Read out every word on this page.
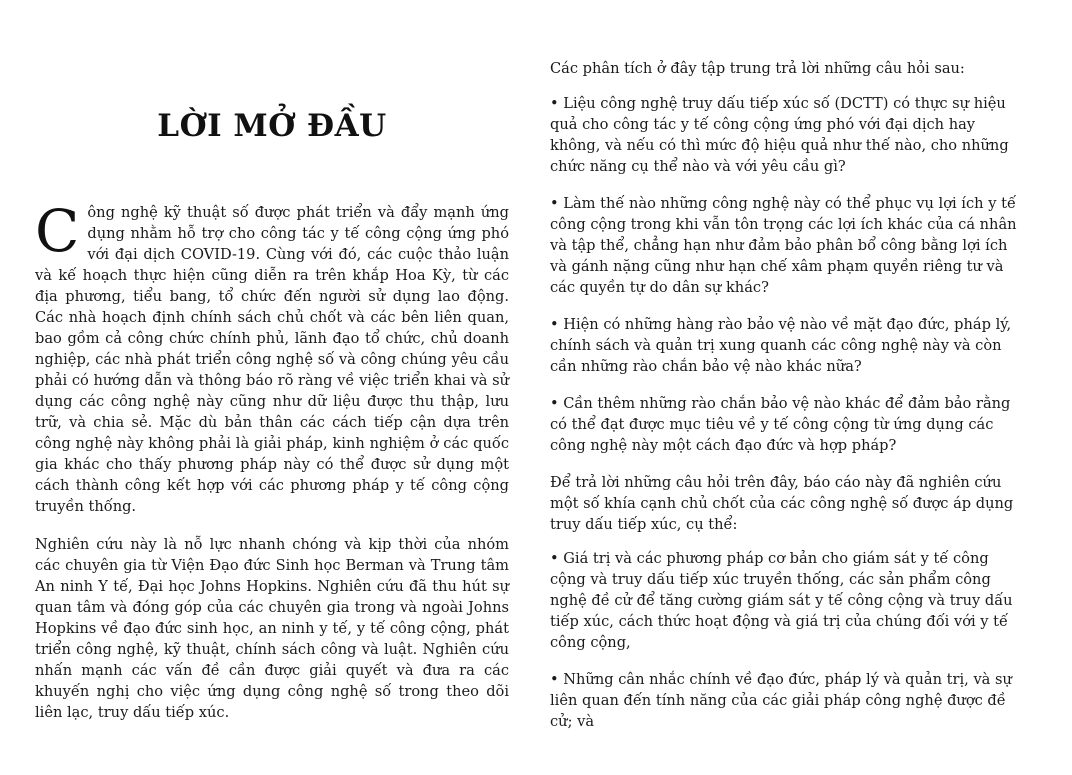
LỜI MỞ ĐẦU

Công nghệ kỹ thuật số được phát triển và đẩy mạnh ứng dụng nhằm hỗ trợ cho công tác y tế công cộng ứng phó với đại dịch COVID-19. Cùng với đó, các cuộc thảo luận và kế hoạch thực hiện cũng diễn ra trên khắp Hoa Kỳ, từ các địa phương, tiểu bang, tổ chức đến người sử dụng lao động. Các nhà hoạch định chính sách chủ chốt và các bên liên quan, bao gồm cả công chức chính phủ, lãnh đạo tổ chức, chủ doanh nghiệp, các nhà phát triển công nghệ số và công chúng yêu cầu phải có hướng dẫn và thông báo rõ ràng về việc triển khai và sử dụng các công nghệ này cũng như dữ liệu được thu thập, lưu trữ, và chia sẻ. Mặc dù bản thân các cách tiếp cận dựa trên công nghệ này không phải là giải pháp, kinh nghiệm ở các quốc gia khác cho thấy phương pháp này có thể được sử dụng một cách thành công kết hợp với các phương pháp y tế công cộng truyền thống.

Nghiên cứu này là nỗ lực nhanh chóng và kịp thời của nhóm các chuyên gia từ Viện Đạo đức Sinh học Berman và Trung tâm An ninh Y tế, Đại học Johns Hopkins. Nghiên cứu đã thu hút sự quan tâm và đóng góp của các chuyên gia trong và ngoài Johns Hopkins về đạo đức sinh học, an ninh y tế, y tế công cộng, phát triển công nghệ, kỹ thuật, chính sách công và luật. Nghiên cứu nhấn mạnh các vấn đề cần được giải quyết và đưa ra các khuyến nghị cho việc ứng dụng công nghệ số trong theo dõi liên lạc, truy dấu tiếp xúc.

Các phân tích ở đây tập trung trả lời những câu hỏi sau:

• Liệu công nghệ truy dấu tiếp xúc số (DCTT) có thực sự hiệu quả cho công tác y tế công cộng ứng phó với đại dịch hay không, và nếu có thì mức độ hiệu quả như thế nào, cho những chức năng cụ thể nào và với yêu cầu gì?

• Làm thế nào những công nghệ này có thể phục vụ lợi ích y tế công cộng trong khi vẫn tôn trọng các lợi ích khác của cá nhân và tập thể, chẳng hạn như đảm bảo phân bổ công bằng lợi ích và gánh nặng cũng như hạn chế xâm phạm quyền riêng tư và các quyền tự do dân sự khác?

• Hiện có những hàng rào bảo vệ nào về mặt đạo đức, pháp lý, chính sách và quản trị xung quanh các công nghệ này và còn cần những rào chắn bảo vệ nào khác nữa?

• Cần thêm những rào chắn bảo vệ nào khác để đảm bảo rằng có thể đạt được mục tiêu về y tế công cộng từ ứng dụng các công nghệ này một cách đạo đức và hợp pháp?

Để trả lời những câu hỏi trên đây, báo cáo này đã nghiên cứu một số khía cạnh chủ chốt của các công nghệ số được áp dụng truy dấu tiếp xúc, cụ thể:

• Giá trị và các phương pháp cơ bản cho giám sát y tế công cộng và truy dấu tiếp xúc truyền thống, các sản phẩm công nghệ đề cử để tăng cường giám sát y tế công cộng và truy dấu tiếp xúc, cách thức hoạt động và giá trị của chúng đối với y tế công cộng,

• Những cân nhắc chính về đạo đức, pháp lý và quản trị, và sự liên quan đến tính năng của các giải pháp công nghệ được đề cử; và
